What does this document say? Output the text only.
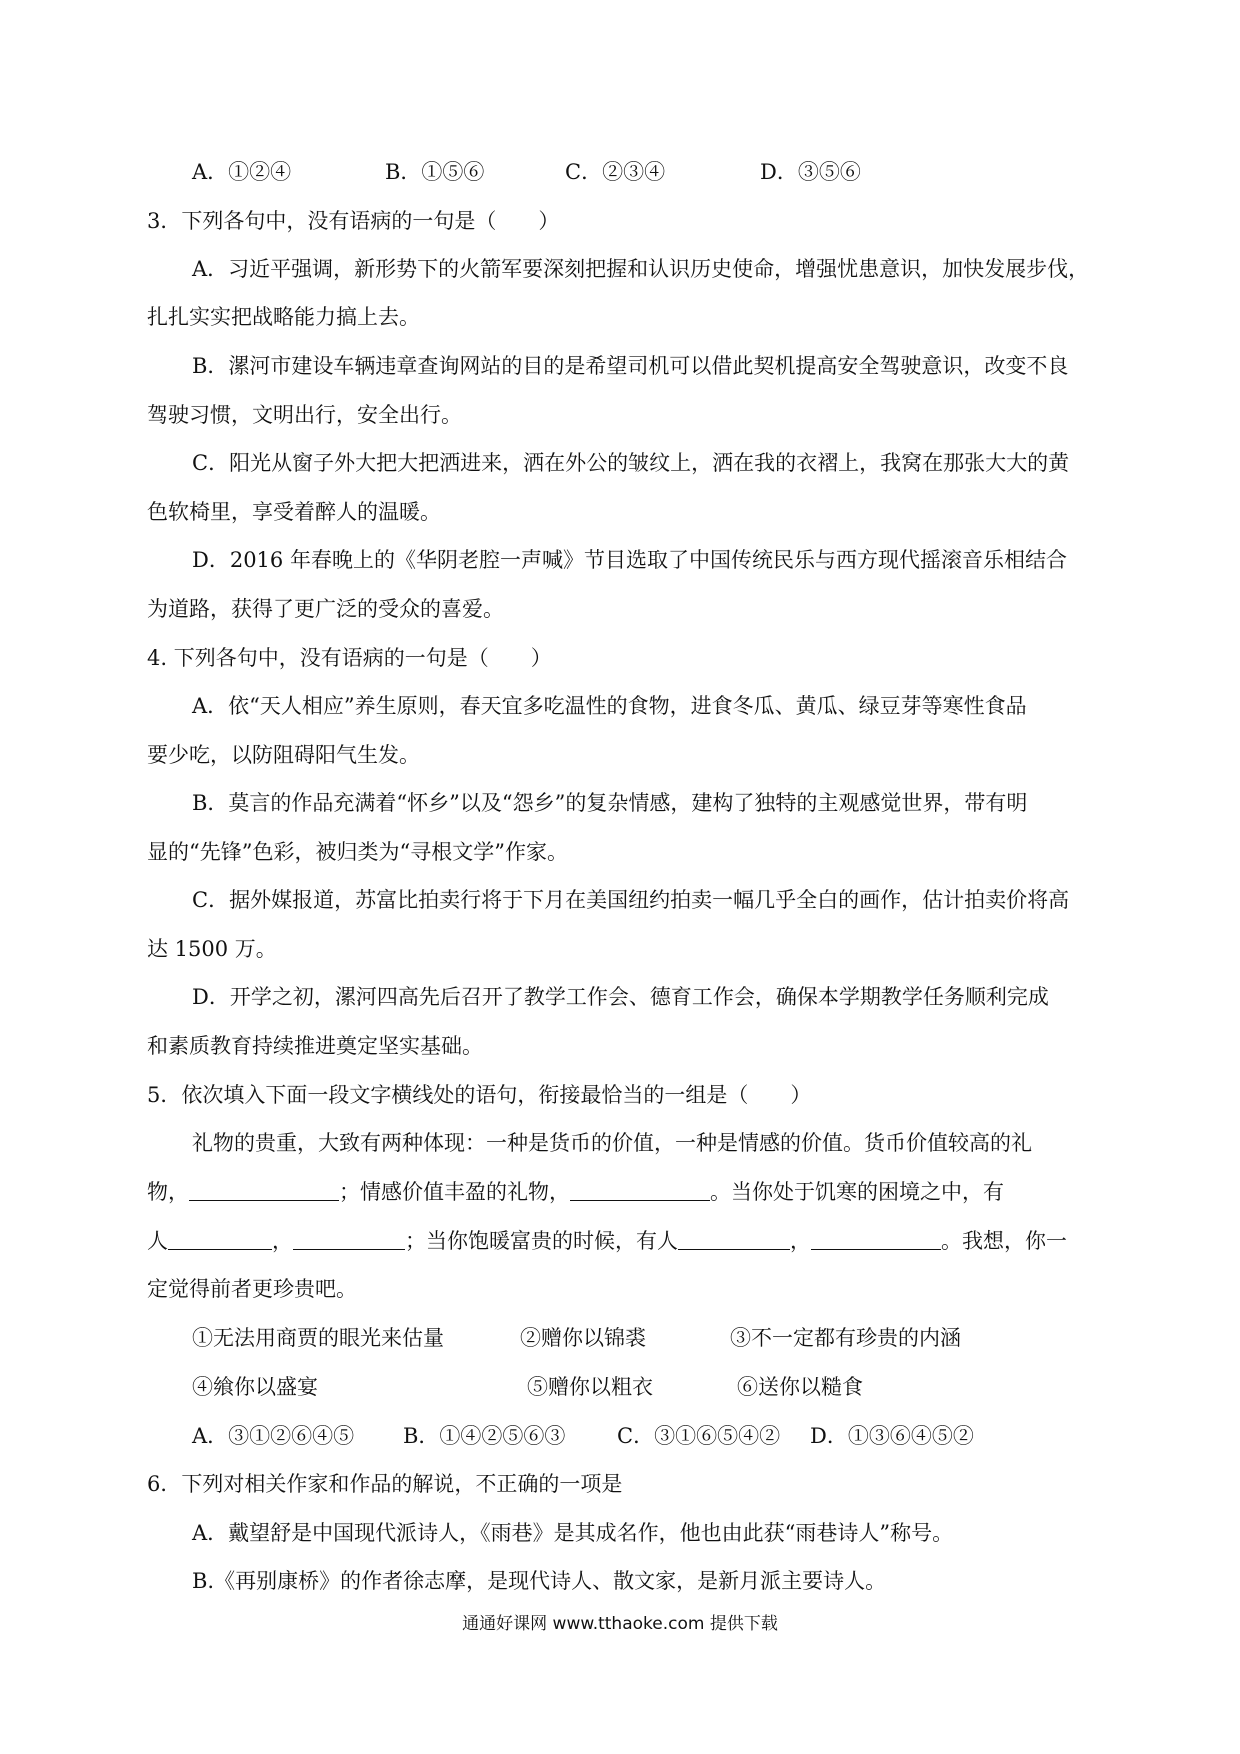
A．①②④	B．①⑤⑥	C．②③④	D．③⑤⑥
3．下列各句中，没有语病的一句是（　　）
A．习近平强调，新形势下的火箭军要深刻把握和认识历史使命，增强忧患意识，加快发展步伐，
扎扎实实把战略能力搞上去。
B．漯河市建设车辆违章查询网站的目的是希望司机可以借此契机提高安全驾驶意识，改变不良
驾驶习惯，文明出行，安全出行。
C．阳光从窗子外大把大把洒进来，洒在外公的皱纹上，洒在我的衣褶上，我窝在那张大大的黄
色软椅里，享受着醉人的温暖。
D．2016 年春晚上的《华阴老腔一声喊》节目选取了中国传统民乐与西方现代摇滚音乐相结合
为道路，获得了更广泛的受众的喜爱。
4. 下列各句中，没有语病的一句是（　　）
A．依“天人相应”养生原则，春天宜多吃温性的食物，进食冬瓜、黄瓜、绿豆芽等寒性食品
要少吃，以防阻碍阳气生发。
B．莫言的作品充满着“怀乡”以及“怨乡”的复杂情感，建构了独特的主观感觉世界，带有明
显的“先锋”色彩，被归类为“寻根文学”作家。
C．据外媒报道，苏富比拍卖行将于下月在美国纽约拍卖一幅几乎全白的画作，估计拍卖价将高
达 1500 万。
D．开学之初，漯河四高先后召开了教学工作会、德育工作会，确保本学期教学任务顺利完成
和素质教育持续推进奠定坚实基础。
5．依次填入下面一段文字横线处的语句，衔接最恰当的一组是（　　）
礼物的贵重，大致有两种体现：一种是货币的价值，一种是情感的价值。货币价值较高的礼
物，	；情感价值丰盈的礼物，	。当你处于饥寒的困境之中，有
人	，	；当你饱暖富贵的时候，有人	，	。我想，你一
定觉得前者更珍贵吧。
①无法用商贾的眼光来估量	②赠你以锦裘	③不一定都有珍贵的内涵
④飨你以盛宴	⑤赠你以粗衣	⑥送你以糙食
A．③①②⑥④⑤ B．①④②⑤⑥③ C．③①⑥⑤④② D．①③⑥④⑤②
6．下列对相关作家和作品的解说，不正确的一项是
A．戴望舒是中国现代派诗人，《雨巷》是其成名作，他也由此获“雨巷诗人”称号。
B.《再别康桥》的作者徐志摩，是现代诗人、散文家，是新月派主要诗人。
通通好课网 www.tthaoke.com 提供下载
